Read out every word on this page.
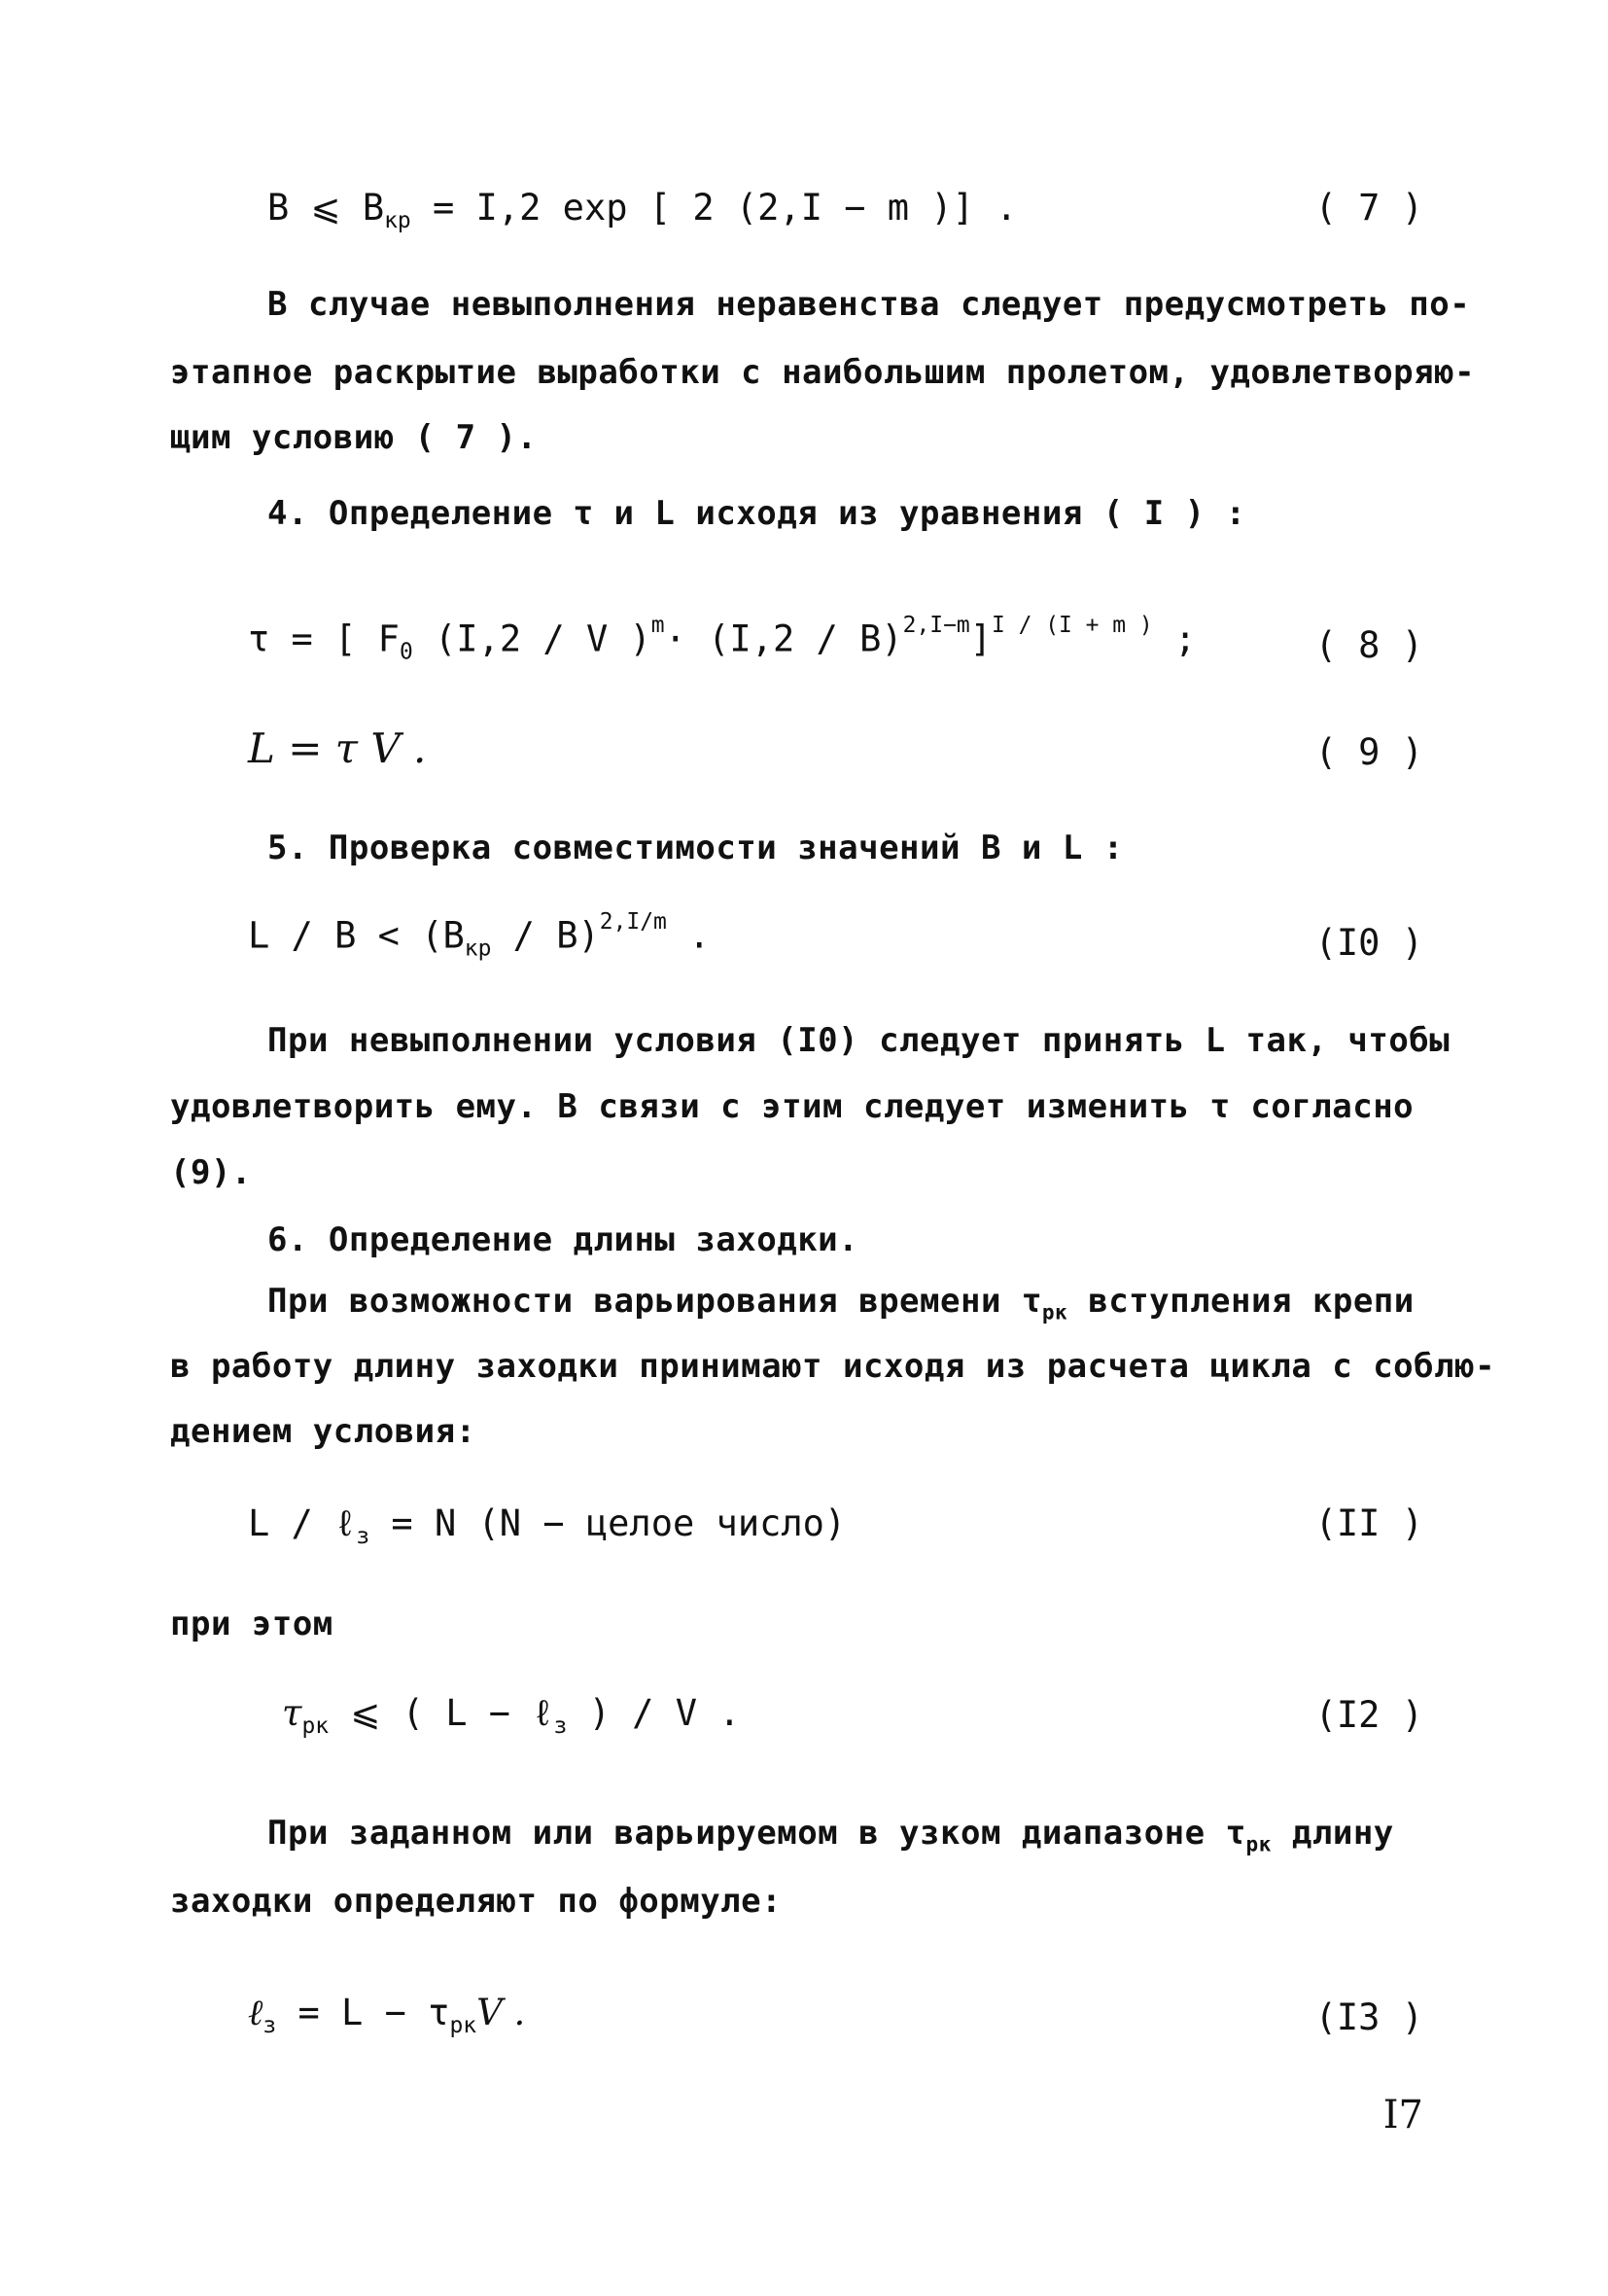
B ⩽ $B_{кр} = I,2$ exp [ 2 (2,I − m )] .	( 7 )
В случае невыполнения неравенства следует предусмотреть по-
этапное раскрытие выработки с наибольшим пролетом, удовлетворяю-
щим условию ( 7 ).
4. Определение τ и L исходя из уравнения ( I ) :
τ = [ $F_0$ (I,2 / V )$^m$· (I,2 / B)$^{2,I-m}$]$^{I / (I + m )}$ ;	( 8 )
L = τ V .	( 9 )
5. Проверка совместимости значений B и L :
$L / B < (B_{кр} / B)^{2,I/m}$ .	(I0 )
При невыполнении условия (I0) следует принять L так, чтобы
удовлетворить ему. В связи с этим следует изменить τ согласно
(9).
6. Определение длины заходки.
При возможности варьирования времени $\tau_{рк}$ вступления крепи
в работу длину заходки принимают исходя из расчета цикла с соблю-
дением условия:
L / ℓ$_з$ = N (N − целое число)	(II )
при этом
$\tau_{рк}$ ⩽ ( L − ℓ$_з$ ) / V .	(I2 )
При заданном или варьируемом в узком диапазоне $\tau_{рк}$ длину
заходки определяют по формуле:
ℓ$_з$ = $L - \tau_{рк}V$ .	(I3 )
I7
